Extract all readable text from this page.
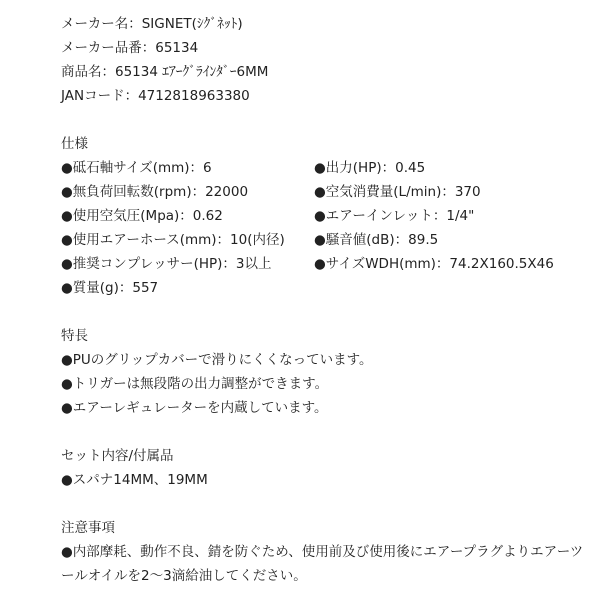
メーカー名：SIGNET(ｼｸﾞﾈｯﾄ)
メーカー品番：65134
商品名：65134 ｴｱｰｸﾞﾗｲﾝﾀﾞｰ6MM
JANコード：4712818963380
仕様
●砥石軸サイズ(mm)：6
●無負荷回転数(rpm)：22000
●使用空気圧(Mpa)：0.62
●使用エアーホース(mm)：10(内径)
●推奨コンプレッサー(HP)：3以上
●質量(g)：557
●出力(HP)：0.45
●空気消費量(L/min)：370
●エアーインレット：1/4"
●騒音値(dB)：89.5
●サイズWDH(mm)：74.2X160.5X46
特長
●PUのグリップカバーで滑りにくくなっています。
●トリガーは無段階の出力調整ができます。
●エアーレギュレーターを内蔵しています。
セット内容/付属品
●スパナ14MM、19MM
注意事項
●内部摩耗、動作不良、錆を防ぐため、使用前及び使用後にエアープラグよりエアーツールオイルを2〜3滴給油してください。
